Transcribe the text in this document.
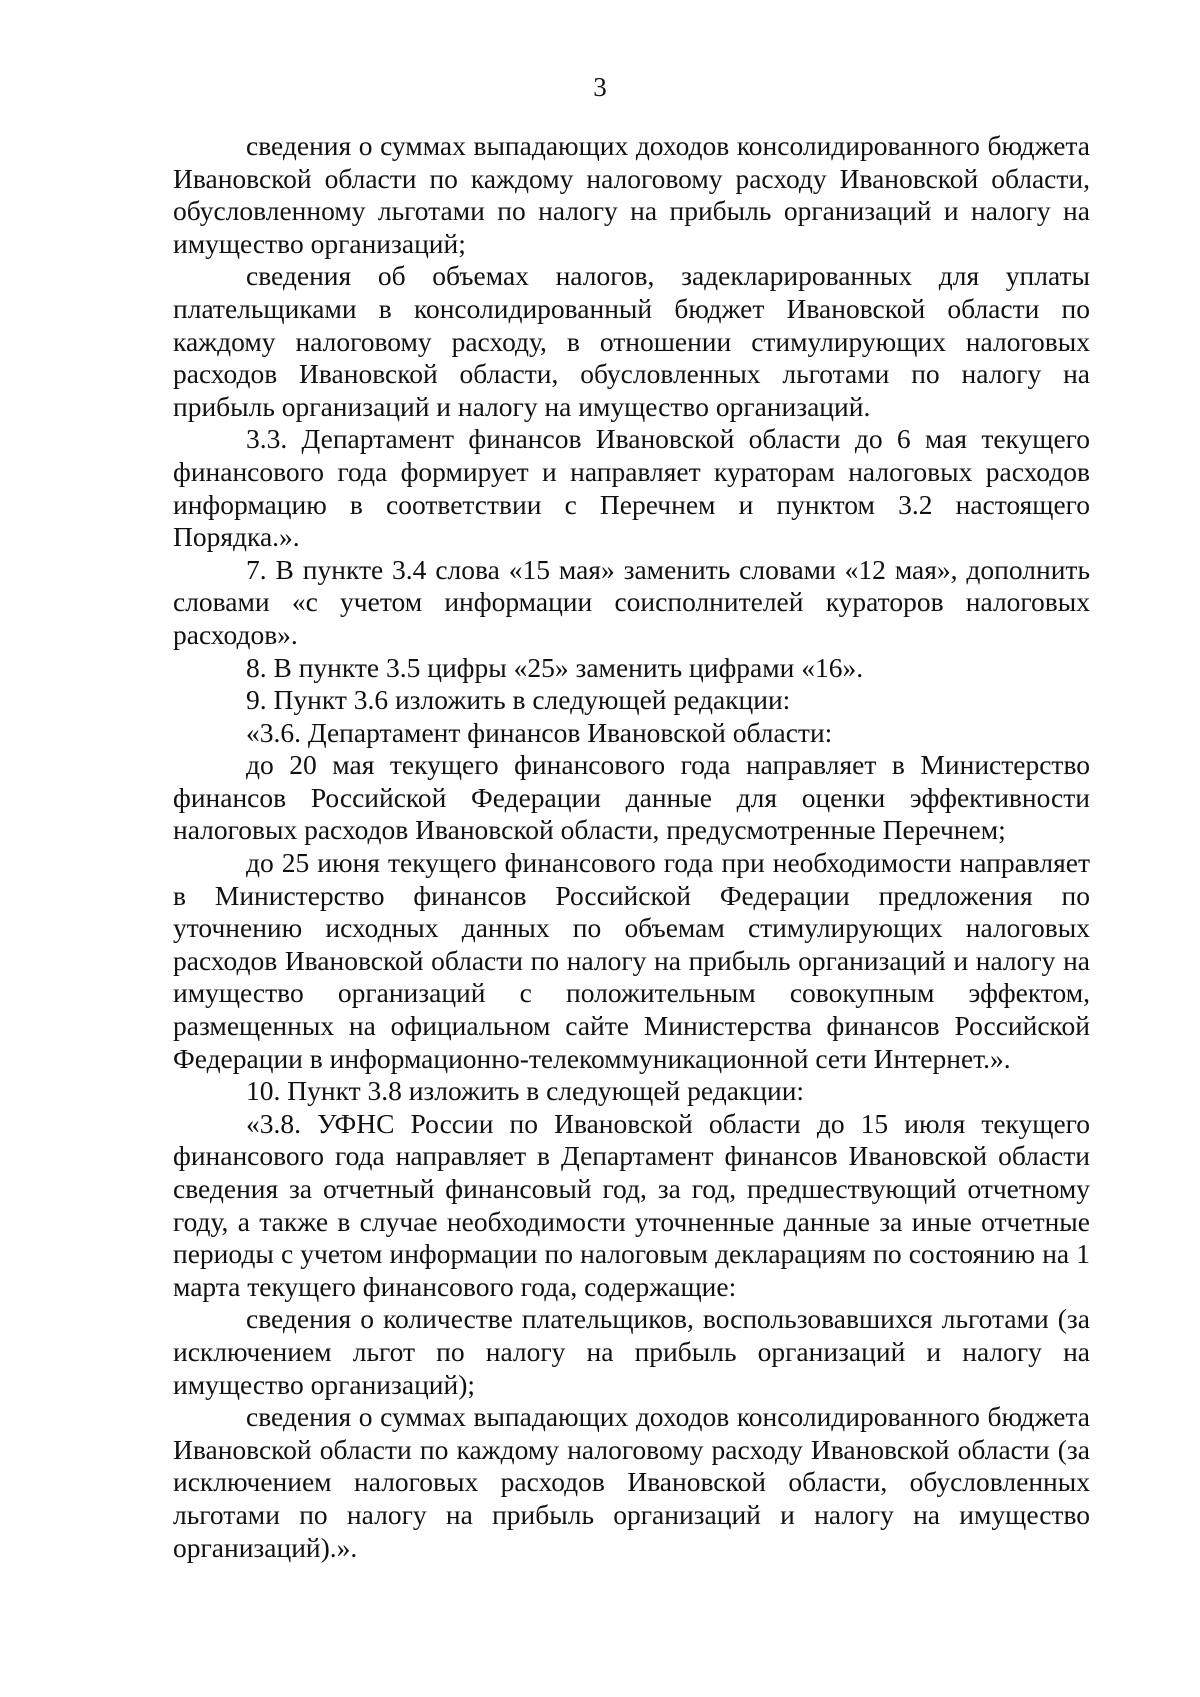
3

сведения о суммах выпадающих доходов консолидированного бюджета Ивановской области по каждому налоговому расходу Ивановской области, обусловленному льготами по налогу на прибыль организаций и налогу на имущество организаций;

сведения об объемах налогов, задекларированных для уплаты плательщиками в консолидированный бюджет Ивановской области по каждому налоговому расходу, в отношении стимулирующих налоговых расходов Ивановской области, обусловленных льготами по налогу на прибыль организаций и налогу на имущество организаций.

3.3. Департамент финансов Ивановской области до 6 мая текущего финансового года формирует и направляет кураторам налоговых расходов информацию в соответствии с Перечнем и пунктом 3.2 настоящего Порядка.».

7. В пункте 3.4 слова «15 мая» заменить словами «12 мая», дополнить словами «с учетом информации соисполнителей кураторов налоговых расходов».

8. В пункте 3.5 цифры «25» заменить цифрами «16».

9. Пункт 3.6 изложить в следующей редакции:

«3.6. Департамент финансов Ивановской области:

до 20 мая текущего финансового года направляет в Министерство финансов Российской Федерации данные для оценки эффективности налоговых расходов Ивановской области, предусмотренные Перечнем;

до 25 июня текущего финансового года при необходимости направляет в Министерство финансов Российской Федерации предложения по уточнению исходных данных по объемам стимулирующих налоговых расходов Ивановской области по налогу на прибыль организаций и налогу на имущество организаций с положительным совокупным эффектом, размещенных на официальном сайте Министерства финансов Российской Федерации в информационно-телекоммуникационной сети Интернет.».

10. Пункт 3.8 изложить в следующей редакции:

«3.8. УФНС России по Ивановской области до 15 июля текущего финансового года направляет в Департамент финансов Ивановской области сведения за отчетный финансовый год, за год, предшествующий отчетному году, а также в случае необходимости уточненные данные за иные отчетные периоды с учетом информации по налоговым декларациям по состоянию на 1 марта текущего финансового года, содержащие:

сведения о количестве плательщиков, воспользовавшихся льготами (за исключением льгот по налогу на прибыль организаций и налогу на имущество организаций);

сведения о суммах выпадающих доходов консолидированного бюджета Ивановской области по каждому налоговому расходу Ивановской области (за исключением налоговых расходов Ивановской области, обусловленных льготами по налогу на прибыль организаций и налогу на имущество организаций).».
